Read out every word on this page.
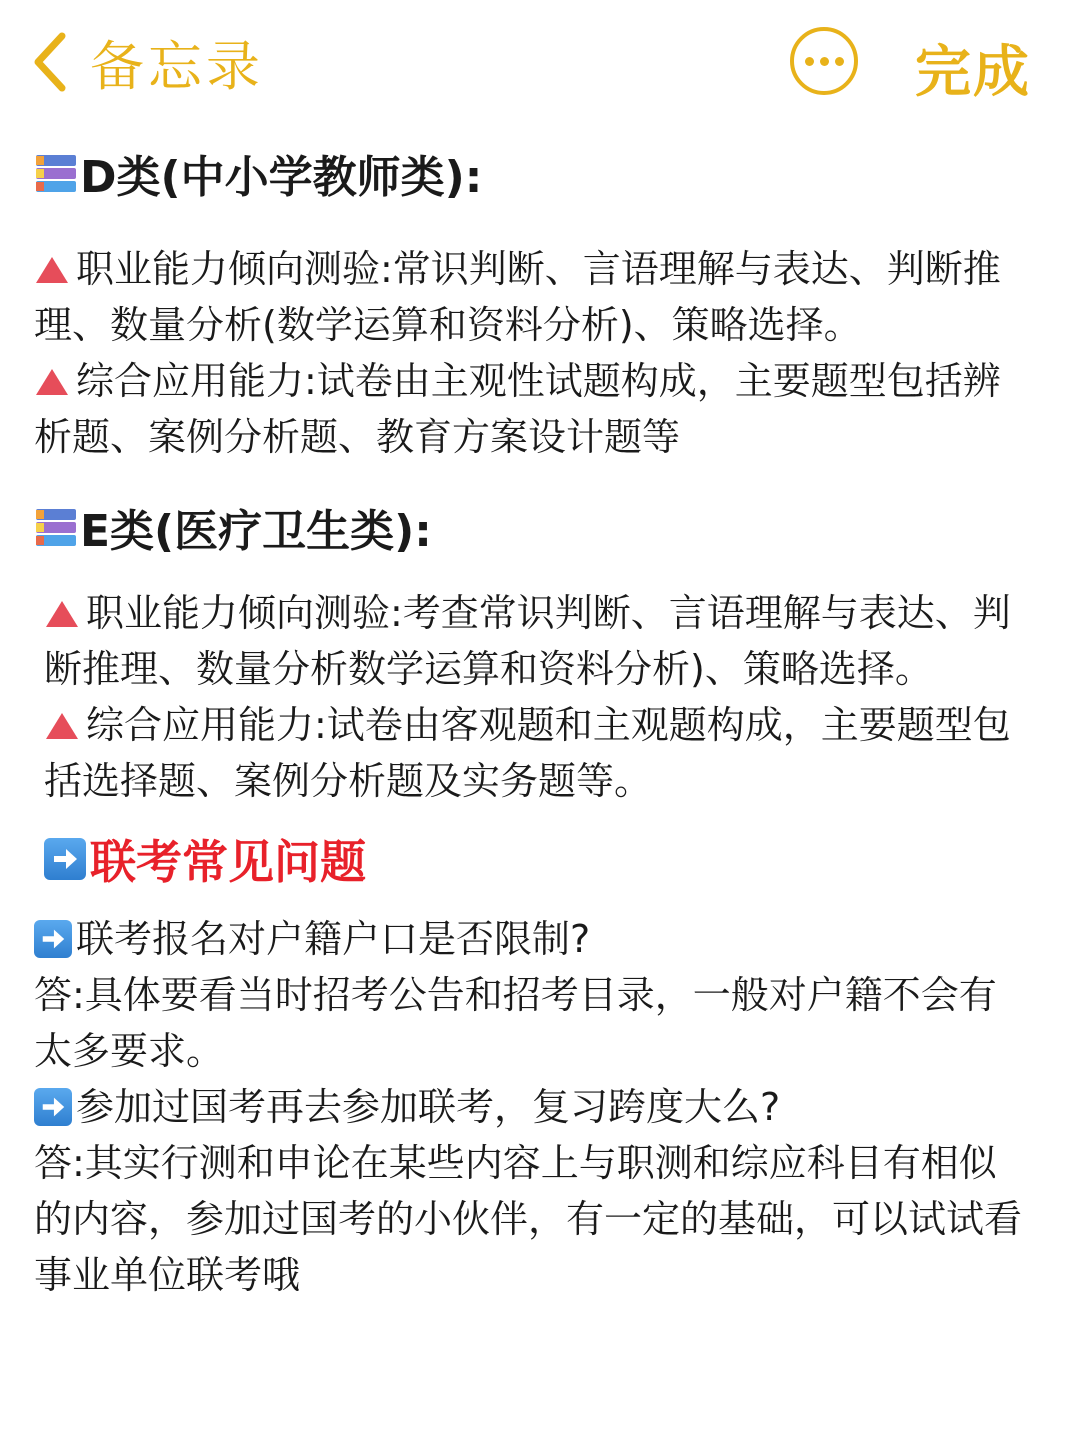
备忘录	完成
D类(中小学教师类):

职业能力倾向测验:常识判断、言语理解与表达、判断推理、数量分析(数学运算和资料分析)、策略选择。

综合应用能力:试卷由主观性试题构成，主要题型包括辨析题、案例分析题、教育方案设计题等

E类(医疗卫生类):

职业能力倾向测验:考查常识判断、言语理解与表达、判断推理、数量分析数学运算和资料分析)、策略选择。

综合应用能力:试卷由客观题和主观题构成，主要题型包括选择题、案例分析题及实务题等。

联考常见问题

联考报名对户籍户口是否限制?

答:具体要看当时招考公告和招考目录，一般对户籍不会有太多要求。

参加过国考再去参加联考，复习跨度大么?

答:其实行测和申论在某些内容上与职测和综应科目有相似的内容，参加过国考的小伙伴，有一定的基础，可以试试看事业单位联考哦
